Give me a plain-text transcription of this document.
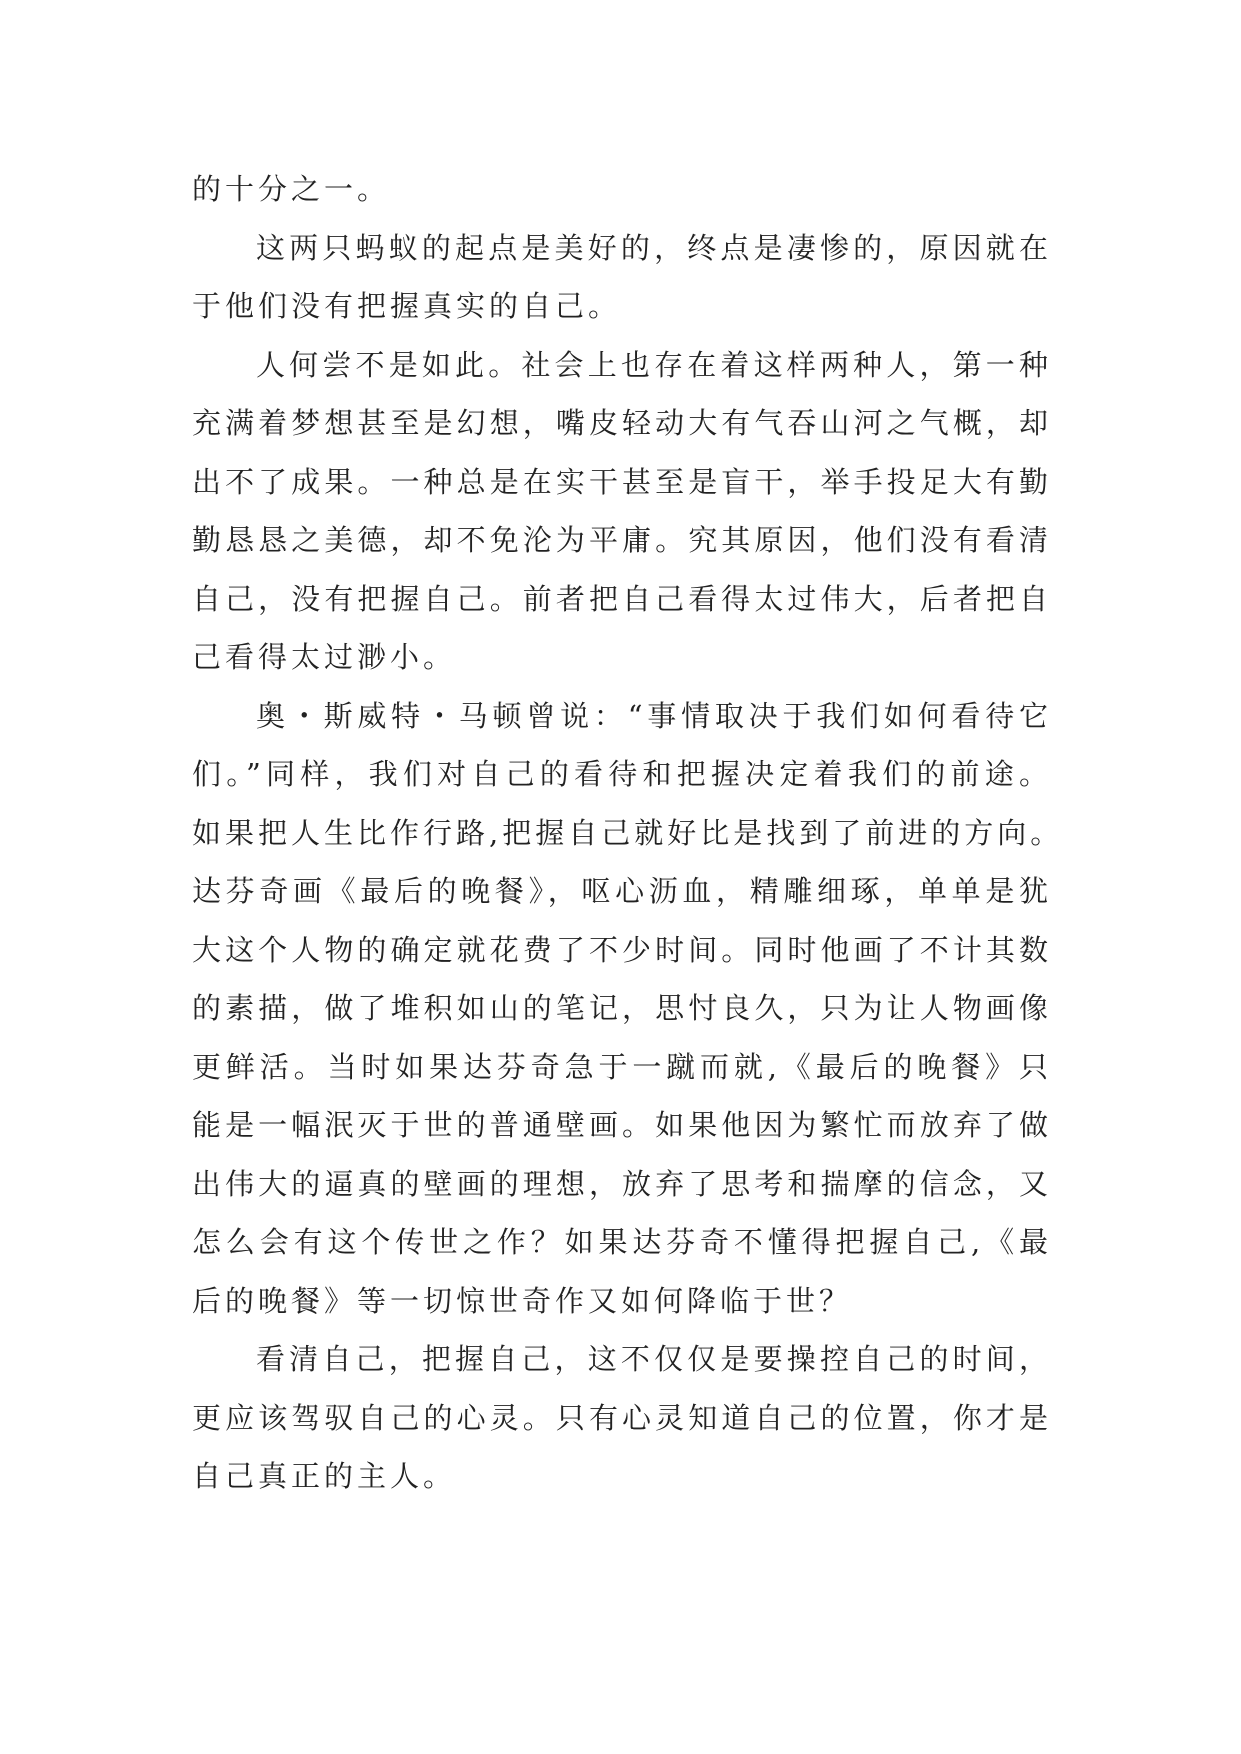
的十分之一。

这两只蚂蚁的起点是美好的，终点是凄惨的，原因就在
于他们没有把握真实的自己。

人何尝不是如此。社会上也存在着这样两种人，第一种
充满着梦想甚至是幻想，嘴皮轻动大有气吞山河之气概，却
出不了成果。一种总是在实干甚至是盲干，举手投足大有勤
勤恳恳之美德，却不免沦为平庸。究其原因，他们没有看清
自己，没有把握自己。前者把自己看得太过伟大，后者把自
己看得太过渺小。

奥・斯威特・马顿曾说：“事情取决于我们如何看待它
们。”同样，我们对自己的看待和把握决定着我们的前途。
如果把人生比作行路,把握自己就好比是找到了前进的方向。
达芬奇画《最后的晚餐》，呕心沥血，精雕细琢，单单是犹
大这个人物的确定就花费了不少时间。同时他画了不计其数
的素描，做了堆积如山的笔记，思忖良久，只为让人物画像
更鲜活。当时如果达芬奇急于一蹴而就,《最后的晚餐》只
能是一幅泯灭于世的普通壁画。如果他因为繁忙而放弃了做
出伟大的逼真的壁画的理想，放弃了思考和揣摩的信念，又
怎么会有这个传世之作？如果达芬奇不懂得把握自己,《最
后的晚餐》等一切惊世奇作又如何降临于世？

看清自己，把握自己，这不仅仅是要操控自己的时间，
更应该驾驭自己的心灵。只有心灵知道自己的位置，你才是
自己真正的主人。
